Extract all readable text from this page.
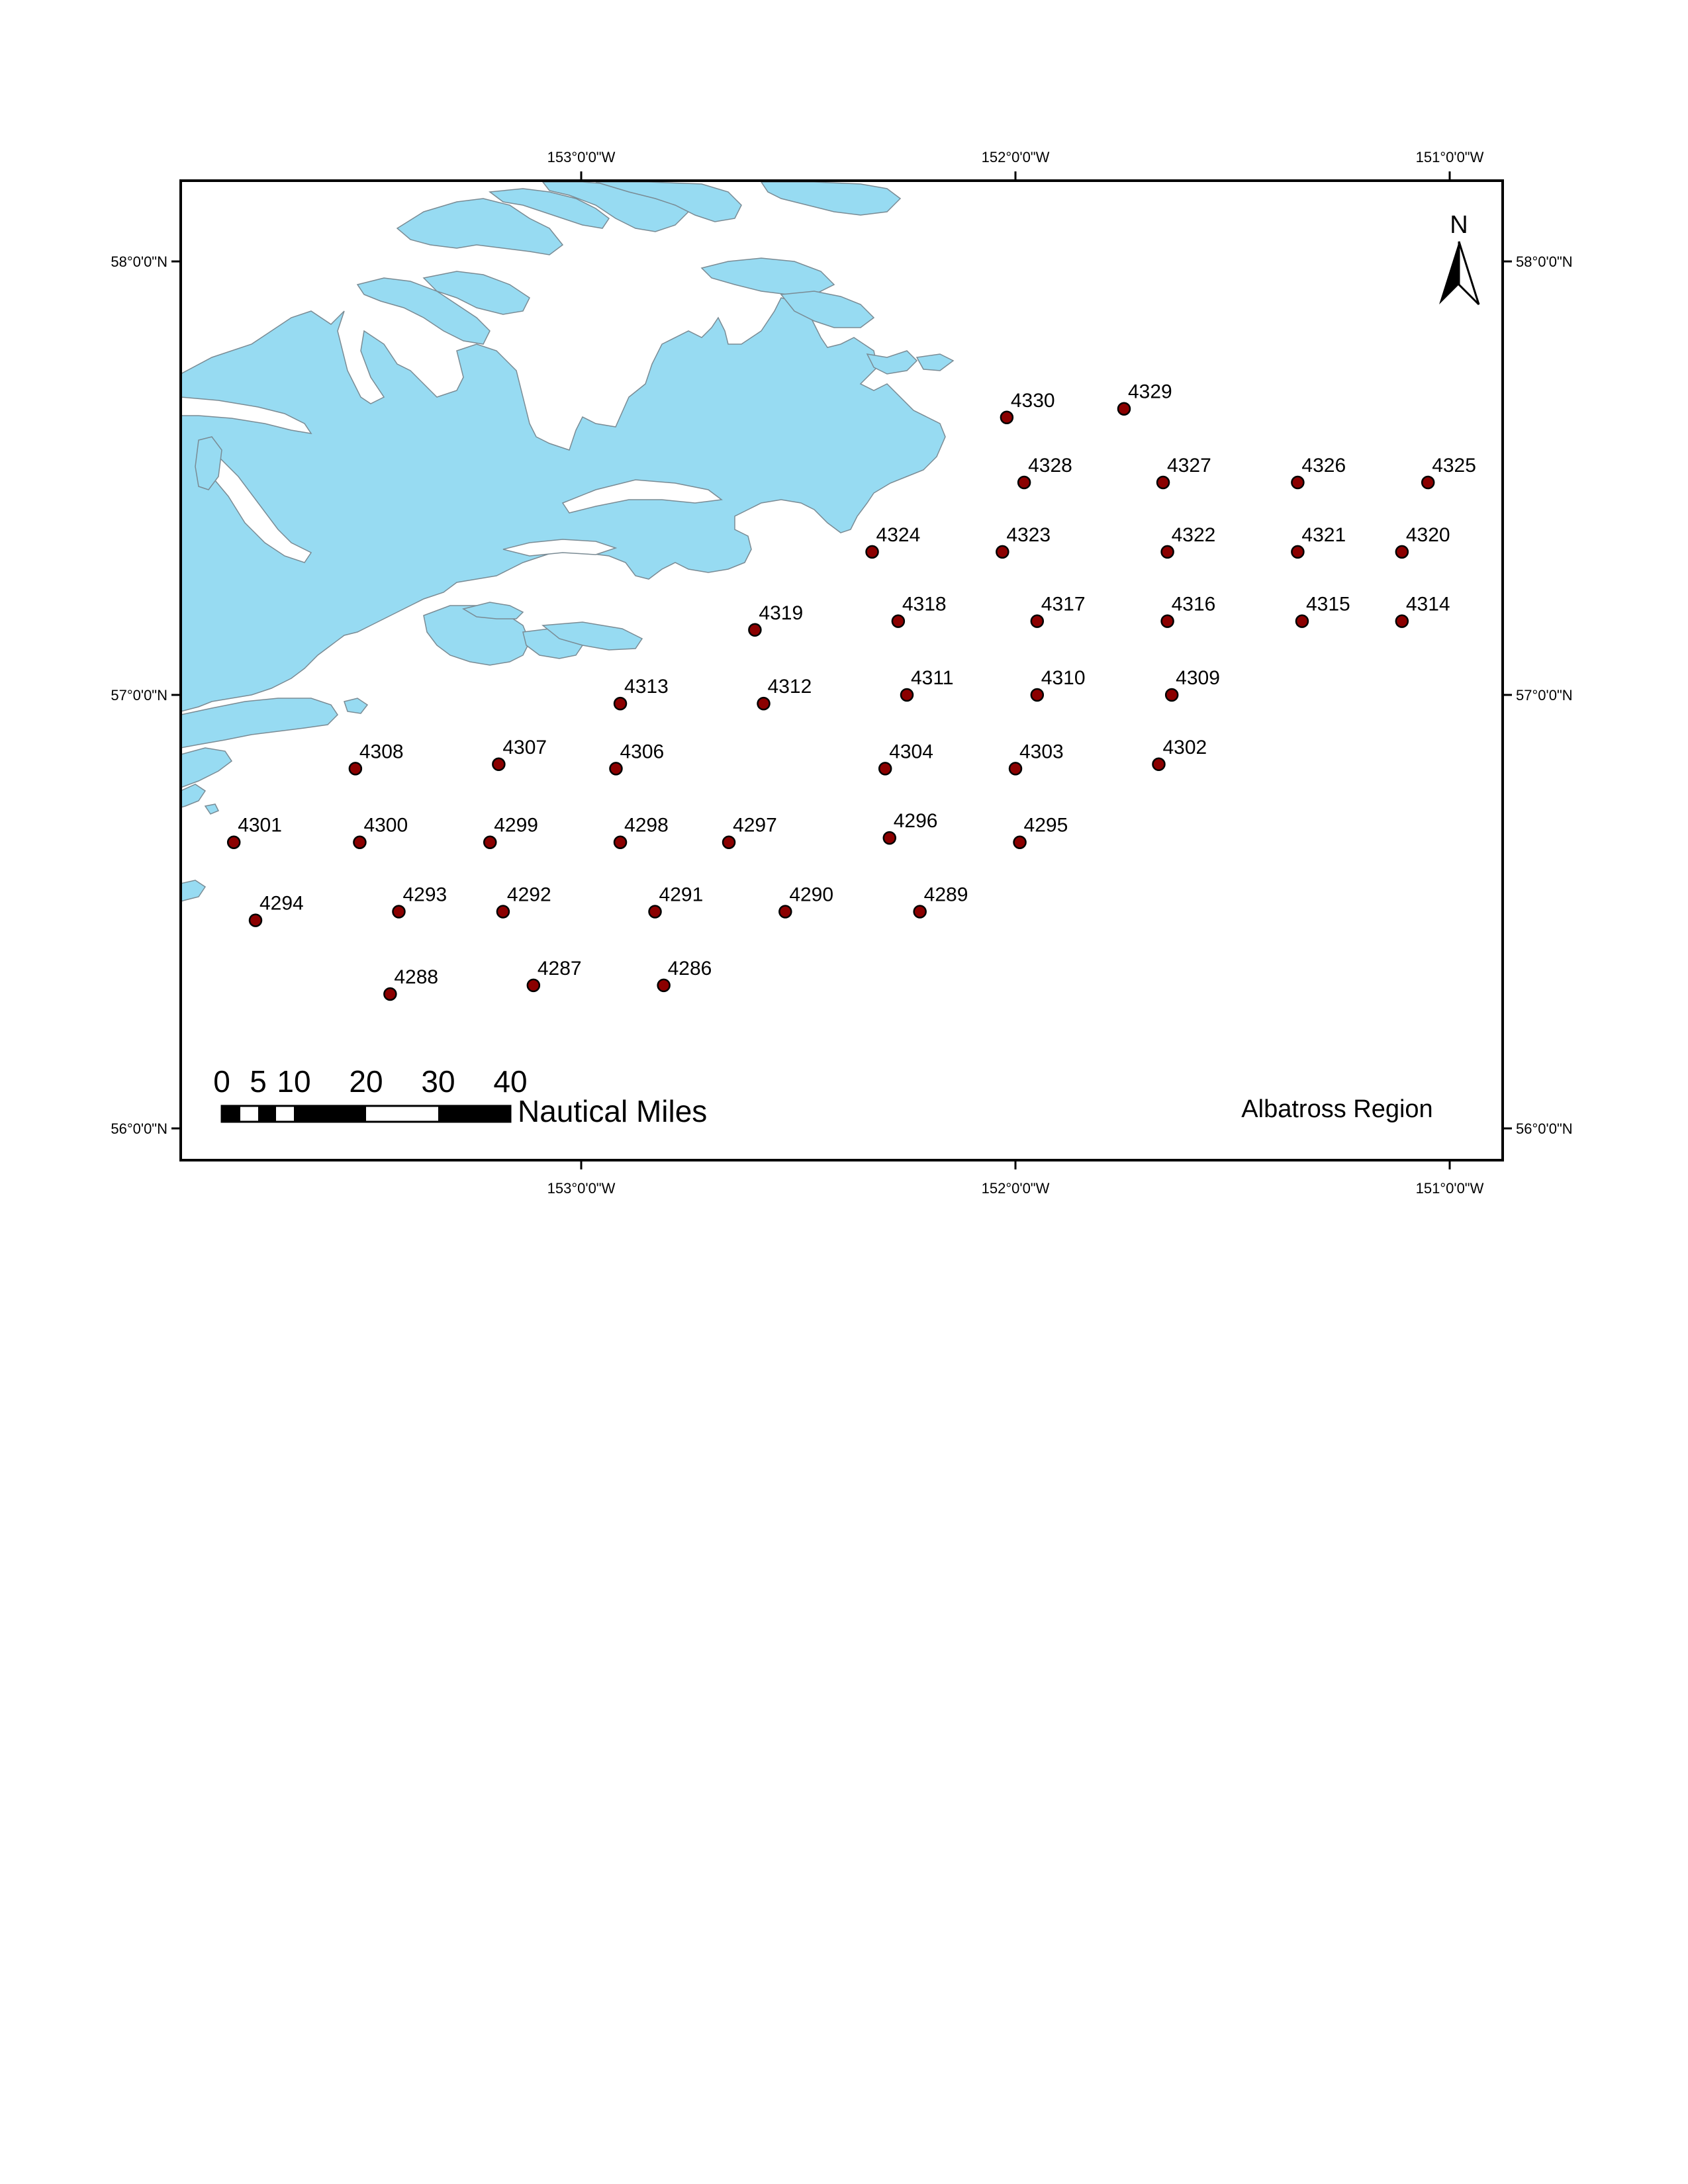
153°0'0"W
153°0'0"W
152°0'0"W
152°0'0"W
151°0'0"W
151°0'0"W
58°0'0"N	58°0'0"N
57°0'0"N	57°0'0"N
56°0'0"N	56°0'0"N
4330	4329
4328	4327	4326	4325
4324	4323	4322	4321	4320
4319	4318	4317	4316	4315	4314
4313	4312	4311	4310	4309
4308	4307	4306	4304	4303	4302
4301	4300	4299	4298	4297	4296	4295
4294	4293	4292	4291	4290	4289
4288	4287	4286
N
0 5 10 20 30 40
Nautical Miles	Albatross Region
